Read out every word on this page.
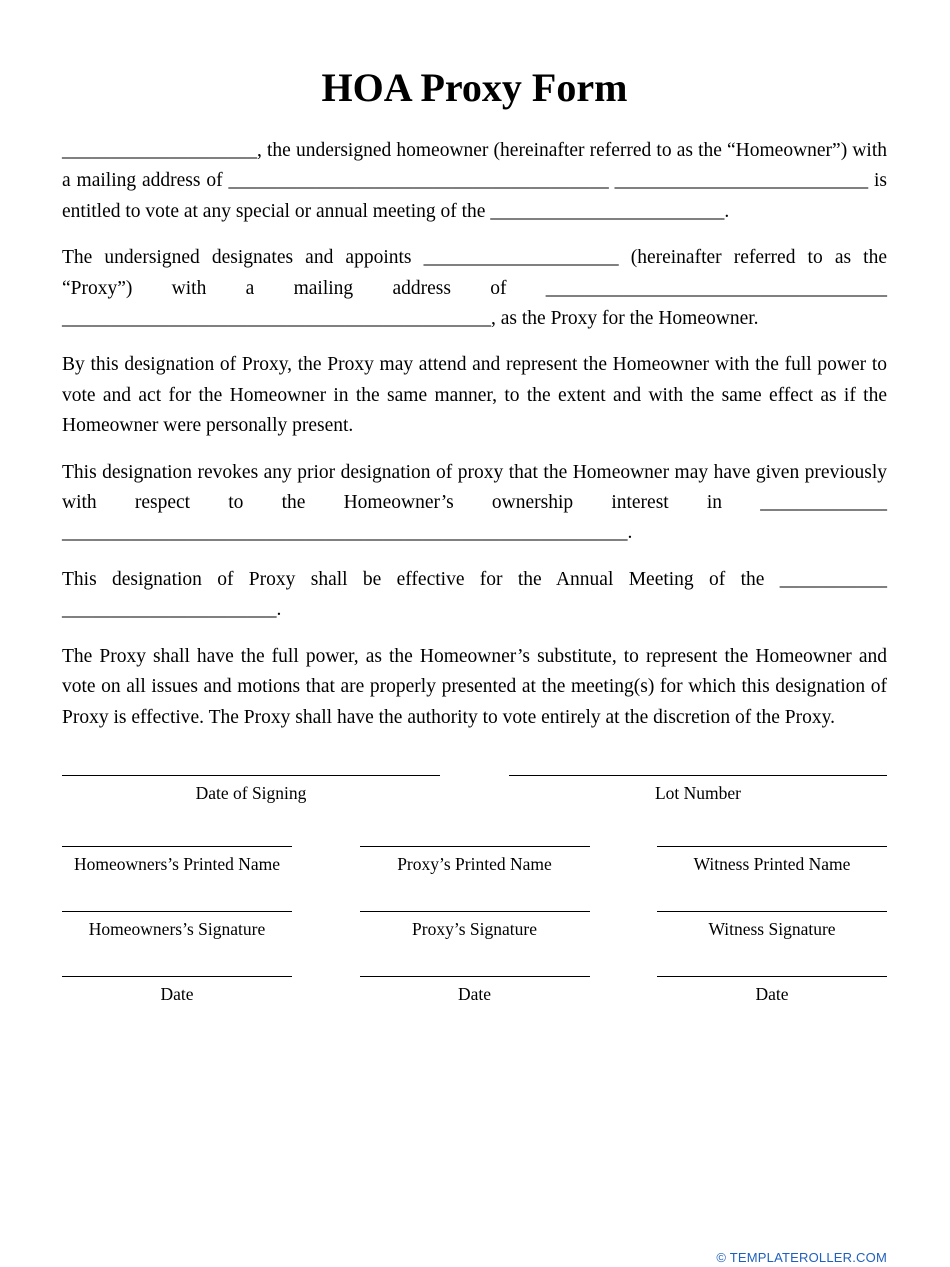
HOA Proxy Form

____________________, the undersigned homeowner (hereinafter referred to as the “Homeowner”) with a mailing address of _______________________________________ __________________________ is entitled to vote at any special or annual meeting of the ________________________.

The undersigned designates and appoints ____________________ (hereinafter referred to as the “Proxy”) with a mailing address of ___________________________________ ____________________________________________, as the Proxy for the Homeowner.

By this designation of Proxy, the Proxy may attend and represent the Homeowner with the full power to vote and act for the Homeowner in the same manner, to the extent and with the same effect as if the Homeowner were personally present.

This designation revokes any prior designation of proxy that the Homeowner may have given previously with respect to the Homeowner’s ownership interest in _____________ __________________________________________________________.

This designation of Proxy shall be effective for the Annual Meeting of the ___________ ______________________.

The Proxy shall have the full power, as the Homeowner’s substitute, to represent the Homeowner and vote on all issues and motions that are properly presented at the meeting(s) for which this designation of Proxy is effective. The Proxy shall have the authority to vote entirely at the discretion of the Proxy.

Date of Signing	Lot Number
Homeowners’s Printed Name	Proxy’s Printed Name	Witness Printed Name
Homeowners’s Signature	Proxy’s Signature	Witness Signature
Date	Date	Date
© TEMPLATEROLLER.COM
